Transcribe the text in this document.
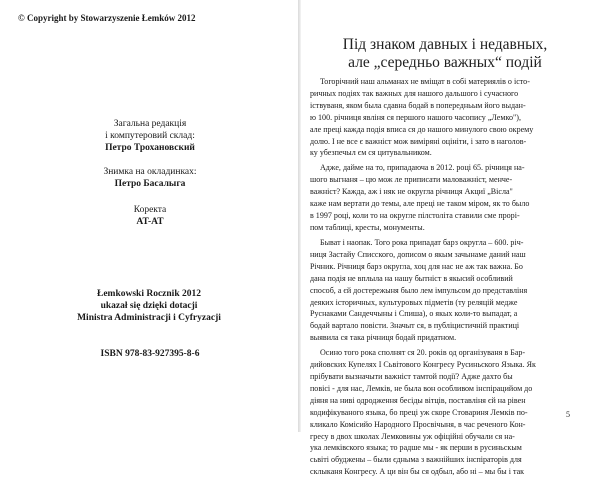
© Copyright by Stowarzyszenie Łemków 2012
Загальна редакція
і компутеровий склад:
Петро Трохановский
Знимка на окладинках:
Петро Басалыга
Коректа
AT-AT
Łemkowski Rocznik 2012
ukazał się dzięki dotacji
Ministra Administracji i Cyfryzacji
ISBN 978-83-927395-8-6
Під знаком давных і недавных,
але „середньо важных“ подій

Тогорічний наш альманах не вміщат в собі материялів о істо-
ричных подіях так важных для нашого дальшого і сучасного
іствуваня, яком была сдавна бодай в попередньым його выдан-
ю 100. річниця явліня ся першого нашого часопису „Лемко"),
але преці кажда подія вписа ся до нашого минулого свою окрему
долю. І не все є важніст мож виміряні оцініти, і зато в наголов-
ку убезпечыл єм ся цитувальником.

Адже, дайме на то, припадаюча в 2012. році 65. річниця на-
шого выгнаня – цю мож ле приписати маловажніст, менче-
важніст? Кажда, аж і няк не округла річниця Акциї „Вісла"
каже нам вертати до темы, але преці не таком міром, як то было
в 1997 році, коли то на округле пілстоліта ставили сме прорі-
пом таблиці, кресты, монументы.

Быват і наопак. Того рока припадат барз округла – 600. річ-
ниця Застайу Списского, допиcом о якым зачынаме даний наш
Річник. Річниця барз округла, хоц для нас не аж так важна. Бо
дана подія не вплыла на нашу бытніст в якысий особливий
способ, а єй достережыня было лем імпульсом до представліня
деяких історичных, культуровых підметів (ту реляцій медже
Руснаками Сандеччыны і Спиша), о якых коли-то выпадат, а
бодай вартало повісти. Значыт ся, в публіцистичній практиці
выявила ся така річниця бодай придатном.

Осино того рока сполнят ся 20. років од організуваня в Бар-
дийовских Купелях І Сьвітового Конгресу Русиньского Языка. Як
прібувати вызначыти важніст тамтой події? Адже дахто бы
повісі - для нас, Лемків, не была вон особливом інспірацийом до
діяня на нивi одродження бесіды вітців, поставліня єй на рівен
кодифікуваного языка, бо преці уж скоре Стoвариня Лемків по-
кликало Комісийо Народного Просвічыня, в час реченого Кон-
гресу в двох школах Лемковины уж офіційні обучали ся на-
ука лемківского языка; то радше мы - як перши в русиньскым
сьвіті обуджены – были єдныма з важнійших інспіраторів для
склыканя Конгресу. А ци він бы ся одбыл, або ні – мы бы і так

5
